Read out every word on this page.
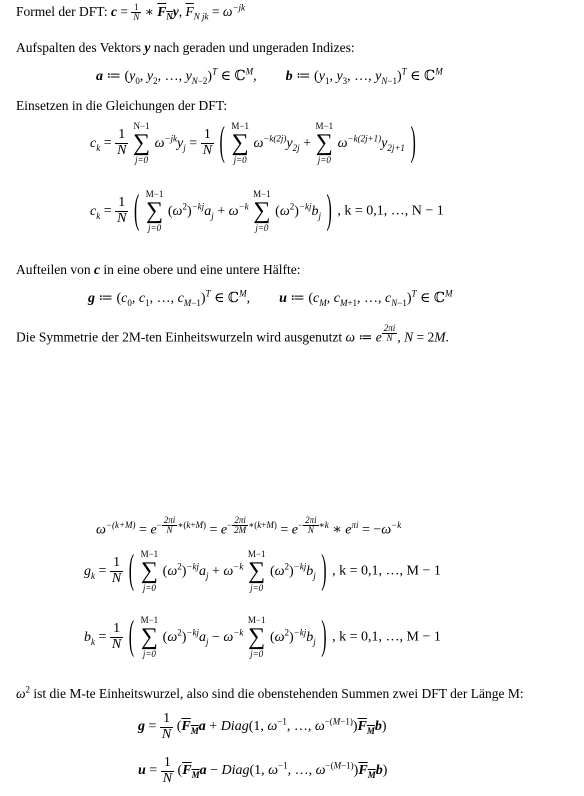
Formel der DFT: $c = \frac{1}{N}$ ∗ $F_Ny$, $\overline{F}_{N jk} = \omega^{-jk}$
Aufspalten des Vektors y nach geraden und ungeraden Indizes:
a ≔ ($y_0$, $y_2$, …, $y_{N-2})^T$ ∈ ℂ$^M$,  b ≔ ($y_1$, $y_3$, …, $y_{N-1})^T$ ∈ ℂ$^M$
Einsetzen in die Gleichungen der DFT:
$c_k = \frac{1}{N}$

N−1
∑
j=0
$\omega^{-jk}y_j = \frac{1}{N}$ ( M−1
∑
j=0
$\omega^{-k(2j)}y_{2j}$ +
M−1
∑
j=0
$\omega^{-k(2j+1)}y_{2j+1}$ )
$c_k = \frac{1}{N}$ ( M−1
∑
j=0
$(\omega^2)^{-kj}a_j + \omega^{-k}$
M−1
∑
j=0
$(\omega^2)^{-kj}b_j$ ) , k = 0,1, …, N − 1
Aufteilen von c in eine obere und eine untere Hälfte:
g ≔ ($c_0$, $c_1$, …, $c_{M-1})^T$ ∈ ℂ$^M$,  u ≔ ($c_M$, $c_{M+1}$, …, $c_{N-1})^T$ ∈ ℂ$^M$
Die Symmetrie der 2M-ten Einheitswurzeln wird ausgenutzt ω ≔ e $^{\frac{2\pi i}{N}}$ , N = 2M.
$\omega^{-(k+M)} = e^{- \frac{2\pi i}{N} ∗(k+M)} = e^{- \frac{2\pi i}{2M} ∗(k+M)} = e^{- \frac{2\pi i}{N} ∗k}$ ∗ $e^{\pi i} = -\omega^{-k}$
$g_k = \frac{1}{N}$ ( M−1
∑
j=0
$(\omega^2)^{-kj}a_j + \omega^{-k}$
M−1
∑
j=0
$(\omega^2)^{-kj}b_j$ ) , k = 0,1, …, M − 1
$b_k = \frac{1}{N}$ ( M−1
∑
j=0
$(\omega^2)^{-kj}a_j - \omega^{-k}$
M−1
∑
j=0
$(\omega^2)^{-kj}b_j$ ) , k = 0,1, …, M − 1
$\omega^2$ ist die M-te Einheitswurzel, also sind die obenstehenden Summen zwei DFT der Länge M:
$g = \frac{1}{N} (F_Ma$ + Diag(1, $\omega^{-1}$, …, $\omega^{-(M-1)})F_Mb$)
$u = \frac{1}{N} (F_Ma$ − Diag(1, $\omega^{-1}$, …, $\omega^{-(M-1)})F_Mb$)
